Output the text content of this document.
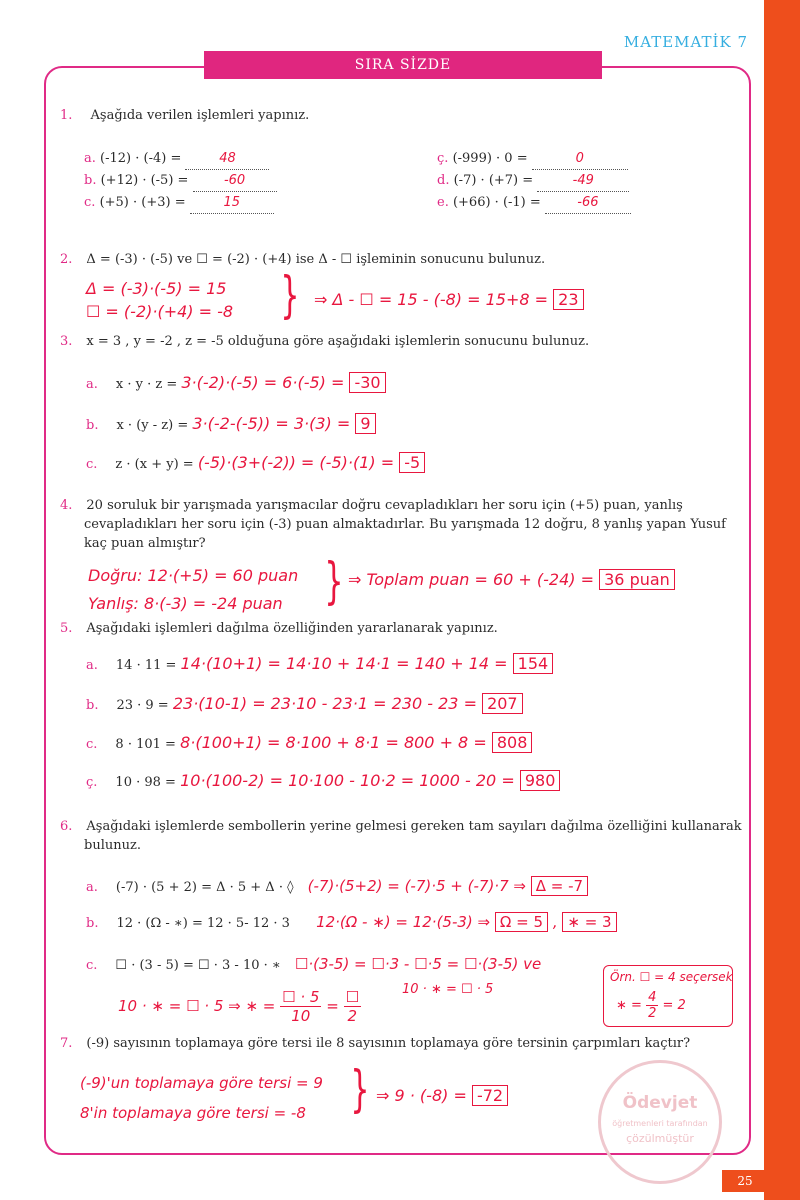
MATEMATİK 7
SIRA SİZDE
25
1. Aşağıda verilen işlemleri yapınız.
a. (-12) · (-4) =	48
b. (+12) · (-5) =	-60
c. (+5) · (+3) =	15
ç. (-999) · 0 =	0
d. (-7) · (+7) =	-49
e. (+66) · (-1) =	-66
2. Δ = (-3) · (-5) ve ☐ = (-2) · (+4) ise Δ - ☐ işleminin sonucunu bulunuz.
Δ = (-3)·(-5) = 15
☐ = (-2)·(+4) = -8 } ⇒ Δ - ☐ = 15 - (-8) = 15+8 = 23
3. x = 3 , y = -2 , z = -5 olduğuna göre aşağıdaki işlemlerin sonucunu bulunuz.
a. x · y · z = 3·(-2)·(-5) = 6·(-5) = -30
b. x · (y - z) = 3·(-2-(-5)) = 3·(3) = 9
c. z · (x + y) = (-5)·(3+(-2)) = (-5)·(1) = -5
4. 20 soruluk bir yarışmada yarışmacılar doğru cevapladıkları her soru için (+5) puan, yanlış
cevapladıkları her soru için (-3) puan almaktadırlar. Bu yarışmada 12 doğru, 8 yanlış yapan Yusuf
kaç puan almıştır?
Doğru: 12·(+5) = 60 puan
Yanlış: 8·(-3) = -24 puan } ⇒ Toplam puan = 60 + (-24) = 36 puan
5. Aşağıdaki işlemleri dağılma özelliğinden yararlanarak yapınız.
a. 14 · 11 = 14·(10+1) = 14·10 + 14·1 = 140 + 14 = 154
b. 23 · 9 = 23·(10-1) = 23·10 - 23·1 = 230 - 23 = 207
c. 8 · 101 = 8·(100+1) = 8·100 + 8·1 = 800 + 8 = 808
ç. 10 · 98 = 10·(100-2) = 10·100 - 10·2 = 1000 - 20 = 980
6. Aşağıdaki işlemlerde sembollerin yerine gelmesi gereken tam sayıları dağılma özelliğini kullanarak
bulunuz.
a. (-7) · (5 + 2) = Δ · 5 + Δ · ◊ (-7)·(5+2) = (-7)·5 + (-7)·7 ⇒ Δ = -7
b. 12 · (Ω - ∗) = 12 · 5- 12 · 3 12·(Ω - ∗) = 12·(5-3) ⇒ Ω = 5 , ∗ = 3
c. ☐ · (3 - 5) = ☐ · 3 - 10 · ∗ ☐·(3-5) = ☐·3 - ☐·5 = ☐·(3-5) ve
10 · ∗ = ☐ · 5 ⇒ ∗ = $\frac{☐ \cdot 5}{10} = \frac{☐}{2}$	10 · ∗ = ☐ · 5
Örn. ☐ = 4 seçersek
∗ = $\frac{4}{2} = 2$
7. (-9) sayısının toplamaya göre tersi ile 8 sayısının toplamaya göre tersinin çarpımları kaçtır?
(-9)'un toplamaya göre tersi = 9
8'in toplamaya göre tersi = -8 } ⇒ 9 · (-8) = -72	Ödevjet
öğretmenleri tarafından
çözülmüştür
